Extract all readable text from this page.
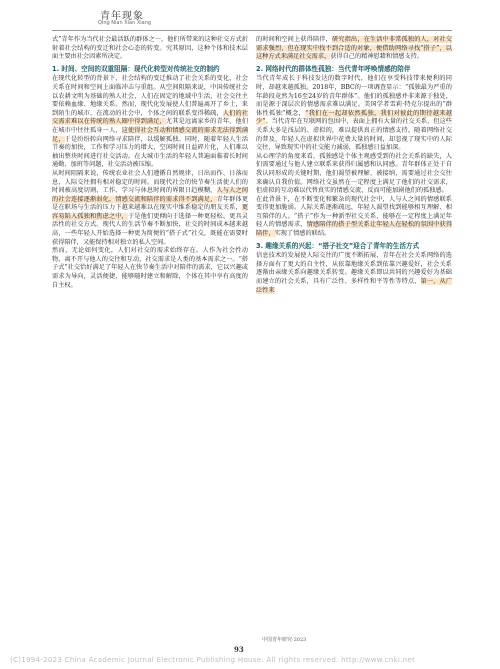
青年现象
Qing Nian Xian Xiang

式”青年作为当代社会最活跃的群体之一，他们所带来的这种社交方式折射着社会结构的变迁和社会心态的转变。究其原因，这种个体和技术层面主要由社会因素所决定。

1. 时间、空间的双重阻隔：现代化转型对传统社交的制约

在现代化转型的背景下，社会结构的变迁推动了社会关系的变化，社会关系在时间和空间上面临冲击与重组。从空间阻隔来说，中国传统社会以农耕文明为基础的熟人社会，人们在固定的地域中生活，社会交往主要依赖血缘、地缘关系。然而，现代化发展使人们普遍离开了乡土，来到陌生的城市，在流动的社会中，个体之间的联系变得稀疏，人们的社交需求难以在传统的熟人圈中得到满足，尤其是远离家乡的青年，他们在城市中往往孤身一人，这使得社会互动和情感交流的需求无法得到满足，于是纷纷转向网络寻求陪伴，以缓解孤独。同时，随着年轻人生活节奏的加快，工作和学习压力的增大，空闲时间日益碎片化，人们难以抽出整块时间进行社交活动。在大城市生活的年轻人普遍面临着长时间通勤、加班等问题，社交活动被压缩。

从时间阻隔来说，传统农业社会人们遵循自然规律，日出而作、日落而息，人际交往拥有相对稳定的时间。而现代社会的快节奏生活使人们的时间被高度切割，工作、学习与休息时间的界限日趋模糊，人与人之间的社会连接逐渐弱化，情感交流和陪伴的需求得不到满足，青年群体更是在职场与生活的压力下越来越难以在现实中维系稳定的朋友关系，更容易陷入孤独和焦虑之中，于是他们更倾向于选择一种更轻松、更具灵活性的社交方式。现代人的生活节奏不断加快，社交的时间成本越来越高，一些年轻人开始选择一种更为简便的“搭子式”社交，既能在需要时获得陪伴，又能保持相对独立的私人空间。

然而，无论如何变化，人们对社交的需求始终存在。人作为社会性动物，离不开与他人的交往和互动，社交需求是人类的基本需求之一。“搭子式”社交恰好满足了年轻人在快节奏生活中对陪伴的需求，它以兴趣或需求为导向，灵活便捷，能够随时建立和解除，个体在其中享有高度的自主权。

的时间和空间上获得陪伴，研究指出，在生活中非常孤独的人，对社交需求强烈，但在现实中找不到合适的对象，便借助网络寻找“搭子”，以这种方式来满足社交需求，获得自己的精神慰藉和情感支持。

2. 网络时代的群体性孤独：当代青年呼唤情感的陪伴

当代青年成长于科技发达的数字时代，他们在享受科技带来便利的同时，却越来越孤独。2018年，BBC的一项调查显示：“孤独最为严重的年龄段竟然为16至24岁的青年群体”。他们的孤独感并非来源于独处，而是源于深层次的情感需求难以满足。美国学者雪莉·特克尔提出的“群体性孤独”概念，“我们在一起却依然孤独，我们对彼此的期待越来越少”。当代青年在互联网的包围中，表面上拥有大量的社交关系，但这些关系大多是浅层的、虚拟的，难以提供真正的情感支持。随着网络社交的普及，年轻人在虚拟世界中花费大量的时间，却忽视了现实中的人际交往，导致现实中的社交能力减弱，孤独感日益加深。

从心理学的角度来看，孤独感是个体主观感受到的社会关系的缺失，人们需要通过与他人建立联系来获得归属感和认同感。青年群体正处于自我认同形成的关键时期，他们渴望被理解、被接纳，需要通过社会交往来确认自我价值。网络社交虽然在一定程度上满足了他们的社交需求，但虚拟的互动难以代替真实的情感交流，反而可能加剧他们的孤独感。

在此背景下，在不断变化和繁杂的现代社会中，人与人之间的情感联系变得更加脆弱。人际关系逐渐疏远，年轻人渴望找到能够相互理解、相互陪伴的人。“搭子”作为一种新型社交关系，能够在一定程度上满足年轻人的情感需求，情感陪伴的搭子型关系让年轻人在轻松的氛围中获得陪伴，实现了情感的联结。

3. 趣缘关系的兴起：“搭子社交”迎合了青年的生活方式

信息技术的发展使人际交往的广度不断拓展，青年在社会关系网络的选择方面有了更大的自主性，从依靠地缘关系到依靠兴趣爱好，社会关系逐渐由亲缘关系向趣缘关系转变。趣缘关系即以共同的兴趣爱好为基础而建立的社会关系，具有广泛性、多样性和平等性等特点，第一，从广泛性来

中国青年研究·2023
93
(C)1994-2023 China Academic Journal Electronic Publishing House. All rights reserved. http://www.cnki.net
